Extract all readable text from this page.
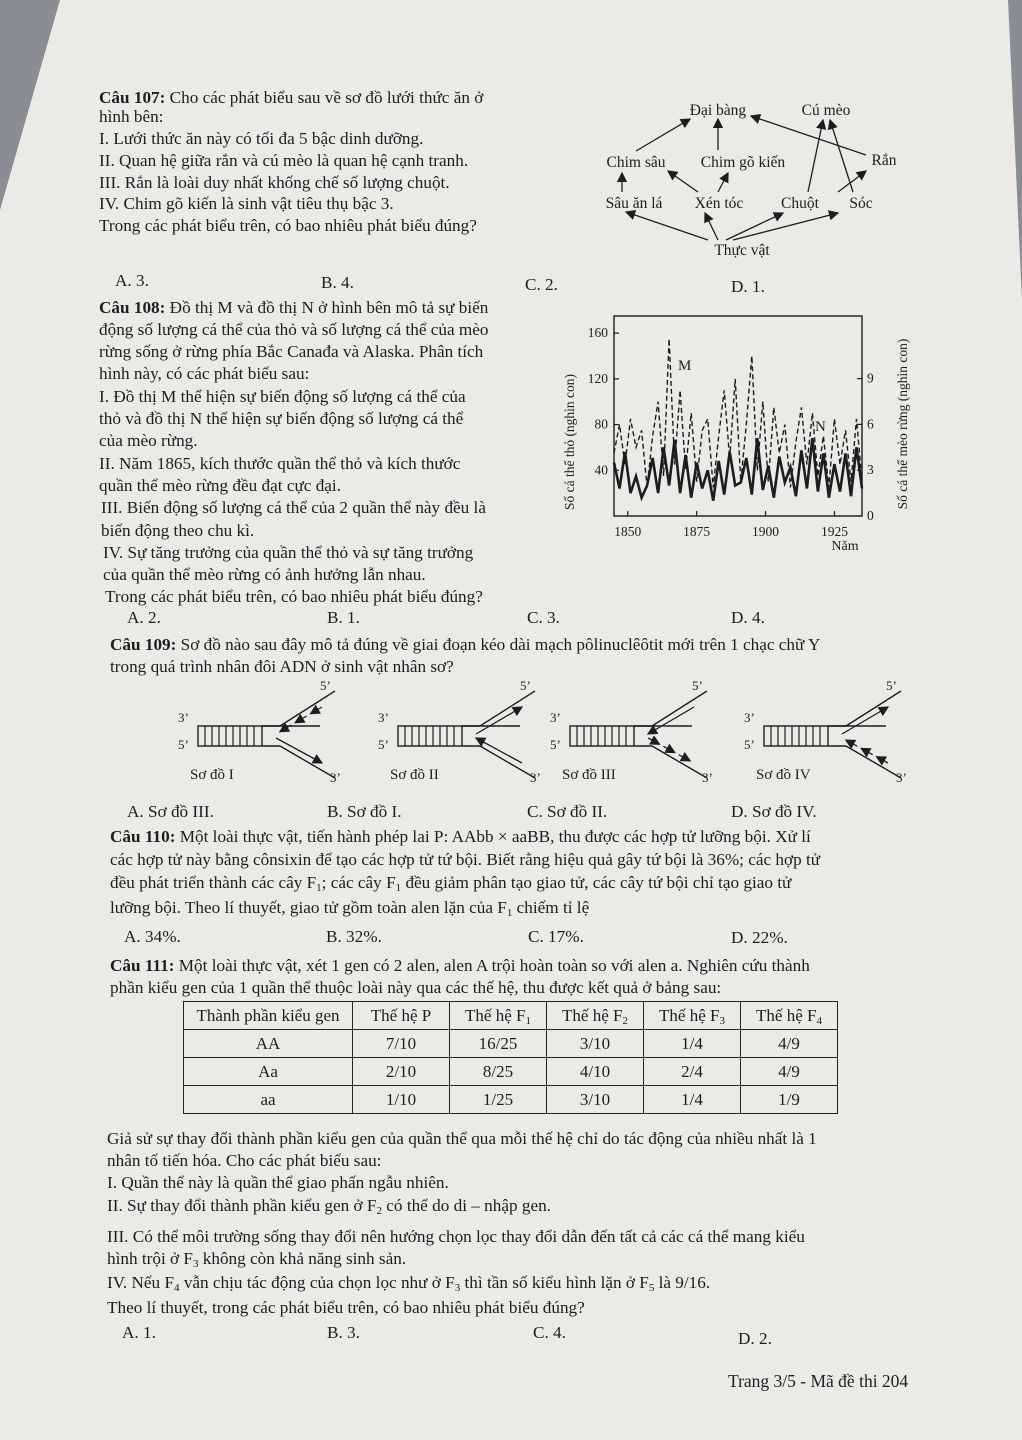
Câu 107: Cho các phát biểu sau về sơ đồ lưới thức ăn ở
hình bên:
I. Lưới thức ăn này có tối đa 5 bậc dinh dưỡng.
II. Quan hệ giữa rắn và cú mèo là quan hệ cạnh tranh.
III. Rắn là loài duy nhất khống chế số lượng chuột.
IV. Chim gõ kiến là sinh vật tiêu thụ bậc 3.
Trong các phát biểu trên, có bao nhiêu phát biểu đúng?
A. 3.	B. 4.	C. 2.	D. 1.
Đại bàng	Cú mèo
Chim sâu Chim gõ kiến	Rắn
Sâu ăn lá Xén tóc Chuột Sóc
Thực vật
Câu 108: Đồ thị M và đồ thị N ở hình bên mô tả sự biến
động số lượng cá thể của thỏ và số lượng cá thể của mèo
rừng sống ở rừng phía Bắc Canađa và Alaska. Phân tích
hình này, có các phát biểu sau:
I. Đồ thị M thể hiện sự biến động số lượng cá thể của
thỏ và đồ thị N thể hiện sự biến động số lượng cá thể
của mèo rừng.
II. Năm 1865, kích thước quần thể thỏ và kích thước
quần thể mèo rừng đều đạt cực đại.
III. Biến động số lượng cá thể của 2 quần thể này đều là
biến động theo chu kì.
IV. Sự tăng trưởng của quần thể thỏ và sự tăng trưởng
của quần thể mèo rừng có ảnh hưởng lẫn nhau.
Trong các phát biểu trên, có bao nhiêu phát biểu đúng?
A. 2.	B. 1.	C. 3.	D. 4.
1850	1875	1900	1925
160
120
80
40
9
6
3
0
M
N
Năm
Số cá thể thỏ (nghìn con)	Số cá thể mèo rừng (nghìn con)
Câu 109: Sơ đồ nào sau đây mô tả đúng về giai đoạn kéo dài mạch pôlinuclêôtit mới trên 1 chạc chữ Y
trong quá trình nhân đôi ADN ở sinh vật nhân sơ?
3’
5’
5’
3’
Sơ đồ I
3’
5’
5’
3’
Sơ đồ II
3’
5’
5’
3’
Sơ đồ III
3’
5’
5’
3’
Sơ đồ IV
A. Sơ đồ III.	B. Sơ đồ I.	C. Sơ đồ II.	D. Sơ đồ IV.
Câu 110: Một loài thực vật, tiến hành phép lai P: AAbb × aaBB, thu được các hợp tử lưỡng bội. Xử lí
các hợp tử này bằng cônsixin để tạo các hợp tử tứ bội. Biết rằng hiệu quả gây tứ bội là 36%; các hợp tử
đều phát triển thành các cây $F_1$; các cây $F_1$ đều giảm phân tạo giao tử, các cây tứ bội chỉ tạo giao tử
lưỡng bội. Theo lí thuyết, giao tử gồm toàn alen lặn của $F_1$ chiếm tỉ lệ
A. 34%.	B. 32%.	C. 17%.	D. 22%.
Câu 111: Một loài thực vật, xét 1 gen có 2 alen, alen A trội hoàn toàn so với alen a. Nghiên cứu thành
phần kiểu gen của 1 quần thể thuộc loài này qua các thế hệ, thu được kết quả ở bảng sau:
Thành phần kiểu gen	Thế hệ P	Thế hệ $F_1$	Thế hệ $F_2$	Thế hệ $F_3$	Thế hệ $F_4$
AA	7/10	16/25	3/10	1/4	4/9
Aa	2/10	8/25	4/10	2/4	4/9
aa	1/10	1/25	3/10	1/4	1/9
Giả sử sự thay đổi thành phần kiểu gen của quần thể qua mỗi thế hệ chỉ do tác động của nhiều nhất là 1
nhân tố tiến hóa. Cho các phát biểu sau:
I. Quần thể này là quần thể giao phấn ngẫu nhiên.
II. Sự thay đổi thành phần kiểu gen ở $F_2$ có thể do di – nhập gen.
III. Có thể môi trường sống thay đổi nên hướng chọn lọc thay đổi dẫn đến tất cả các cá thể mang kiểu
hình trội ở $F_3$ không còn khả năng sinh sản.
IV. Nếu $F_4$ vẫn chịu tác động của chọn lọc như ở $F_3$ thì tần số kiểu hình lặn ở $F_5$ là 9/16.
Theo lí thuyết, trong các phát biểu trên, có bao nhiêu phát biểu đúng?
A. 1.	B. 3.	C. 4.	D. 2.
Trang 3/5 - Mã đề thi 204
